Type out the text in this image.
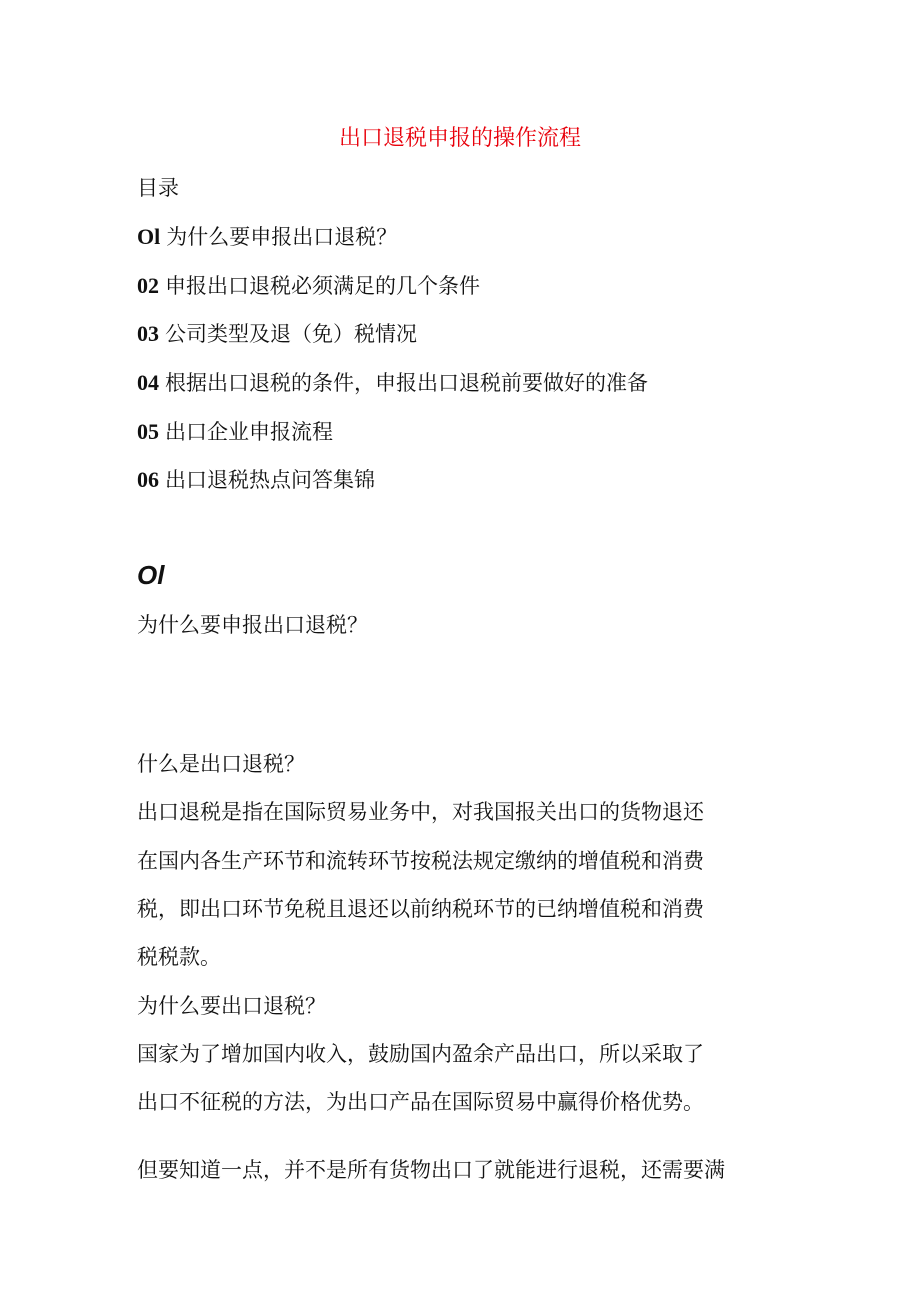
出口退税申报的操作流程

目录

Ol 为什么要申报出口退税？

02 申报出口退税必须满足的几个条件

03 公司类型及退（免）税情况

04 根据出口退税的条件，申报出口退税前要做好的准备

05 出口企业申报流程

06 出口退税热点问答集锦

Ol

为什么要申报出口退税？

什么是出口退税？

出口退税是指在国际贸易业务中，对我国报关出口的货物退还

在国内各生产环节和流转环节按税法规定缴纳的增值税和消费

税，即出口环节免税且退还以前纳税环节的已纳增值税和消费

税税款。

为什么要出口退税？

国家为了增加国内收入，鼓励国内盈余产品出口，所以采取了

出口不征税的方法，为出口产品在国际贸易中赢得价格优势。

但要知道一点，并不是所有货物出口了就能进行退税，还需要满
